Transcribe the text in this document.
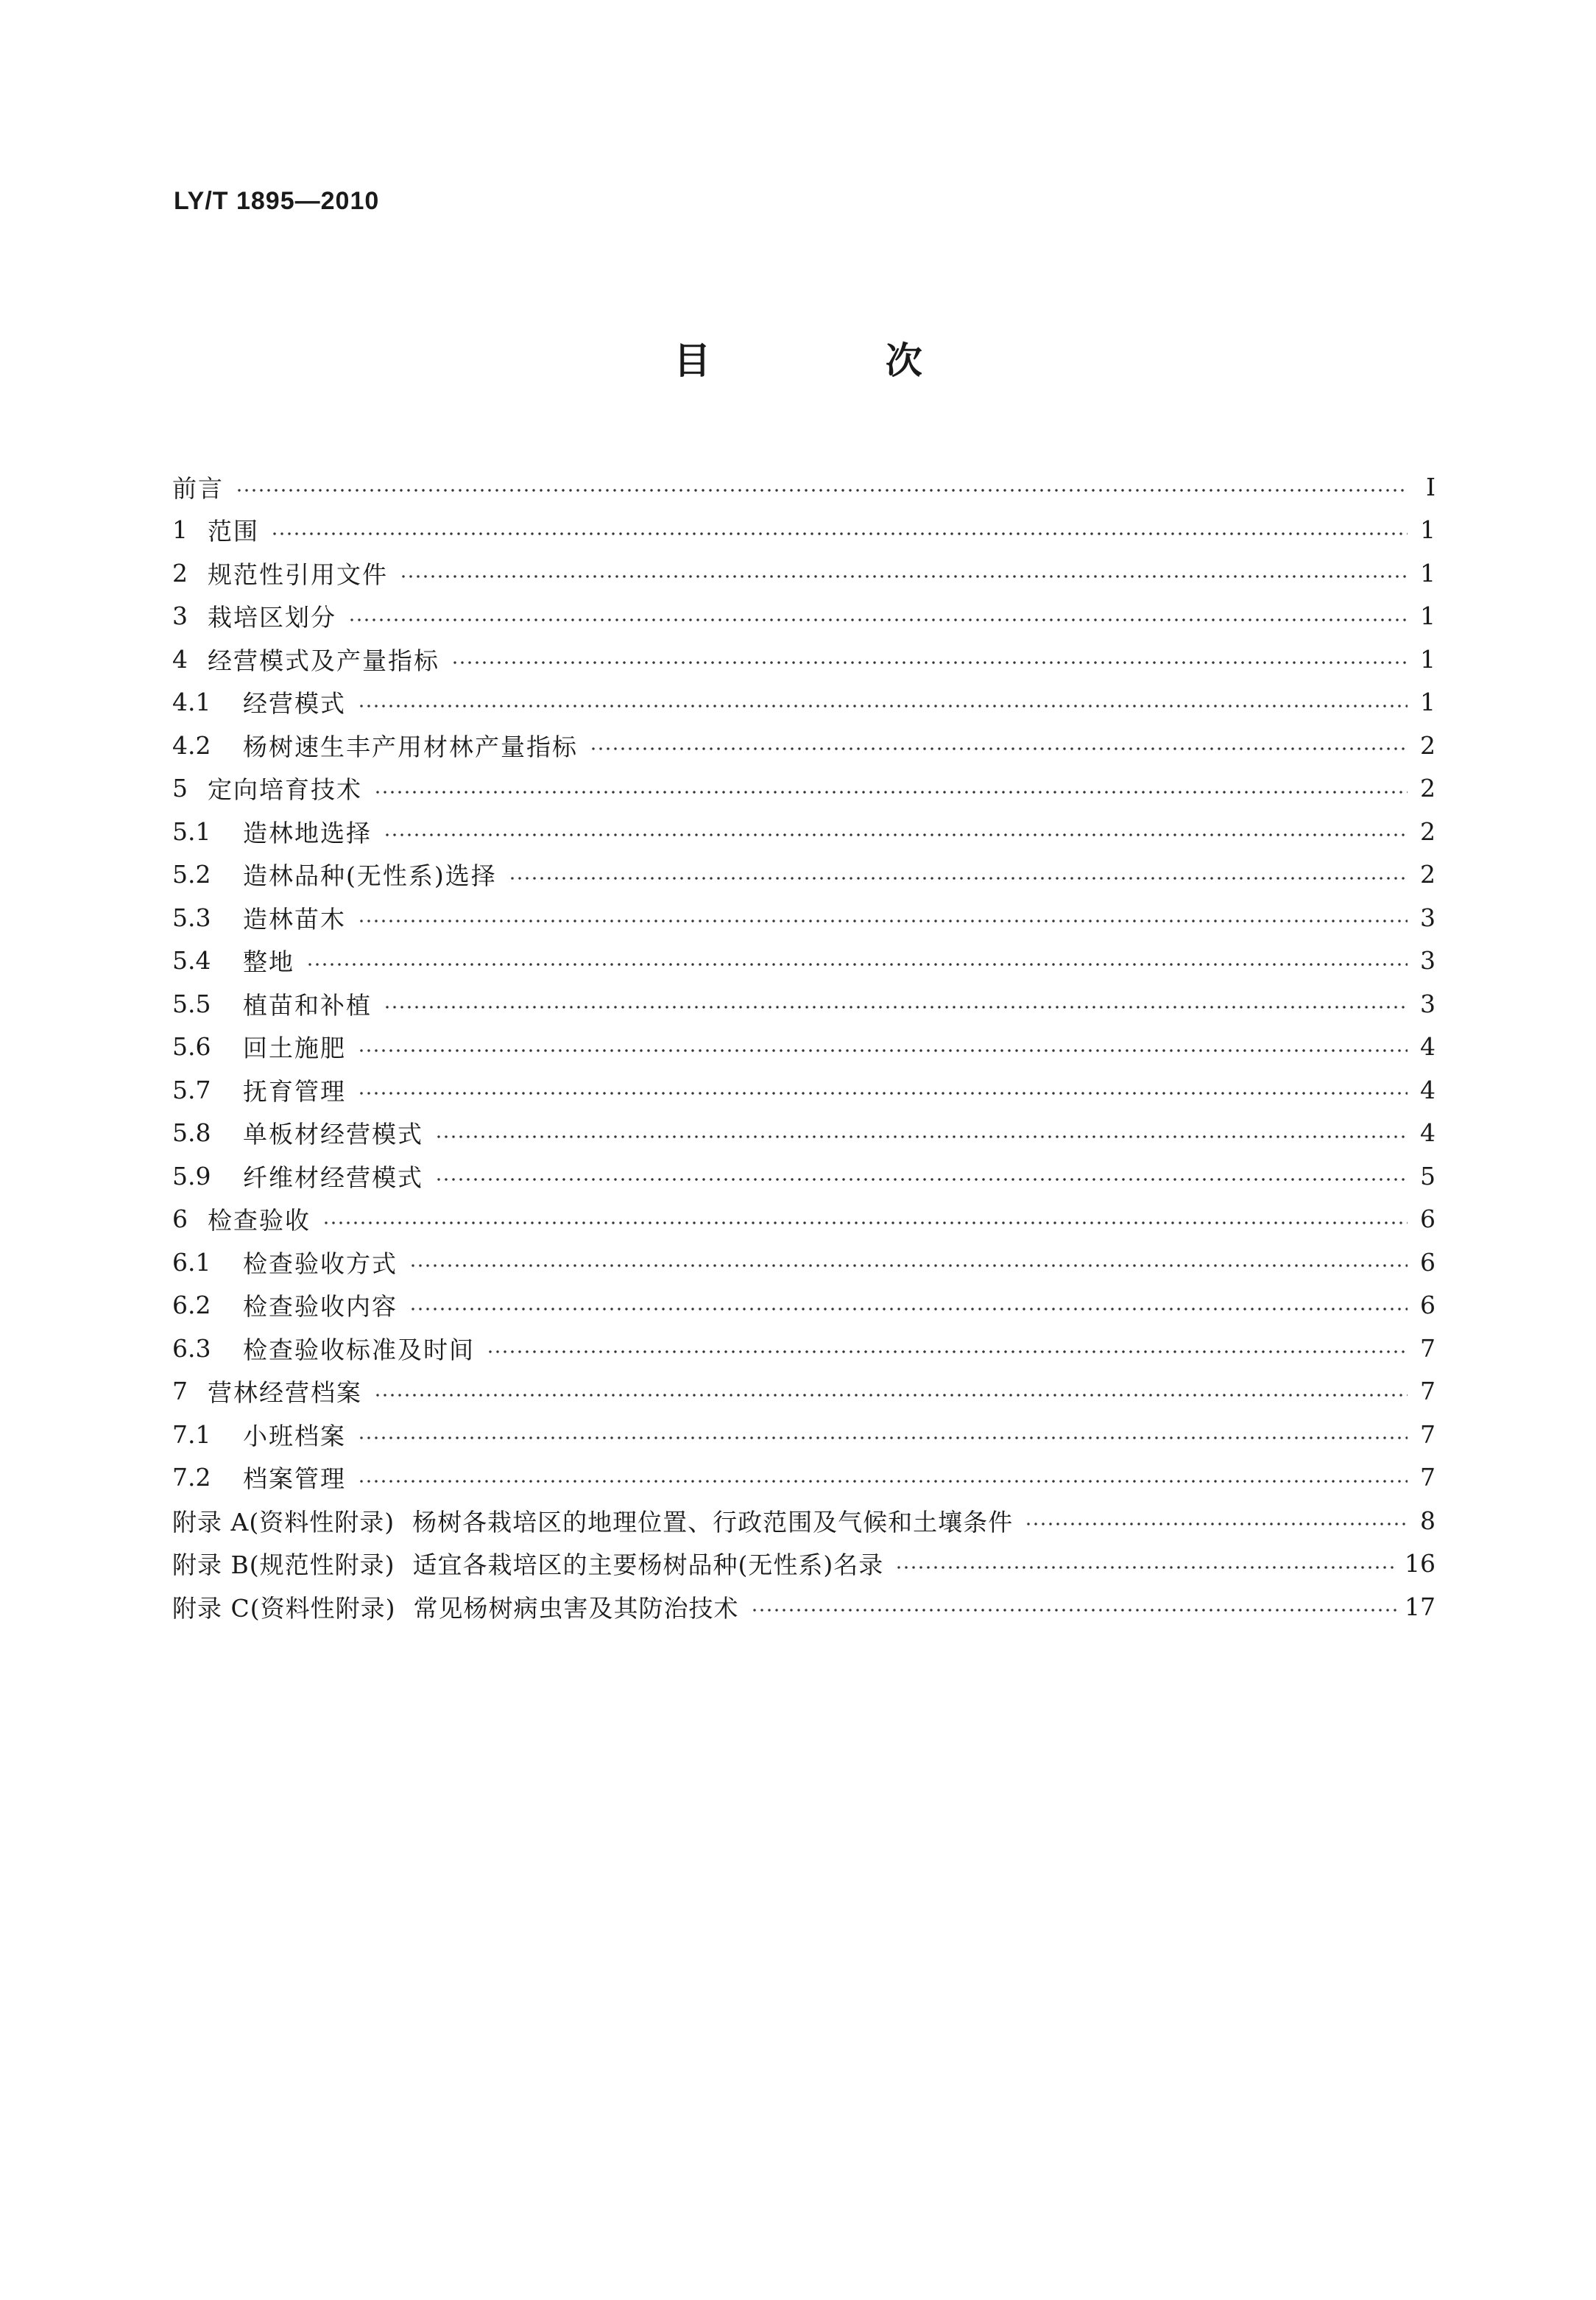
LY/T 1895—2010
目 次
前言	Ⅰ
1 范围	1
2 规范性引用文件	1
3 栽培区划分	1
4 经营模式及产量指标	1
4.1	经营模式	1
4.2	杨树速生丰产用材林产量指标	2
5 定向培育技术	2
5.1	造林地选择	2
5.2	造林品种(无性系)选择	2
5.3	造林苗木	3
5.4	整地	3
5.5	植苗和补植	3
5.6	回土施肥	4
5.7	抚育管理	4
5.8	单板材经营模式	4
5.9	纤维材经营模式	5
6 检查验收	6
6.1	检查验收方式	6
6.2	检查验收内容	6
6.3	检查验收标准及时间	7
7 营林经营档案	7
7.1	小班档案	7
7.2	档案管理	7
附录 A(资料性附录) 杨树各栽培区的地理位置、行政范围及气候和土壤条件	8
附录 B(规范性附录) 适宜各栽培区的主要杨树品种(无性系)名录	16
附录 C(资料性附录) 常见杨树病虫害及其防治技术	17
